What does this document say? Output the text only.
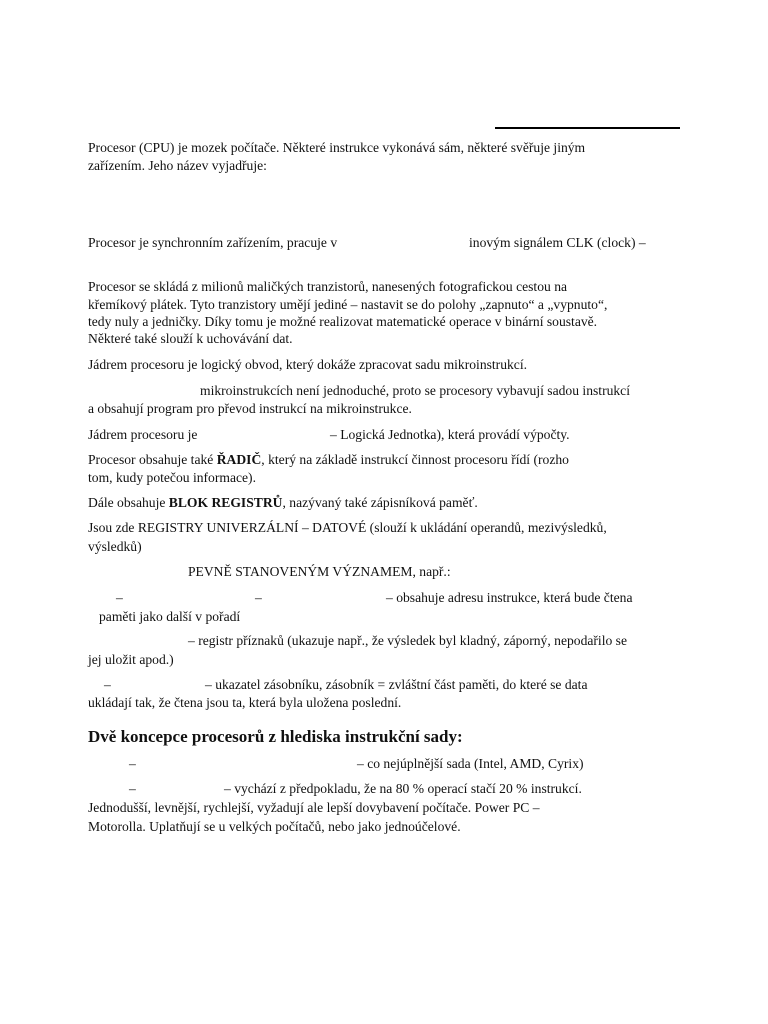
Procesor (CPU) je mozek počítače. Některé instrukce vykonává sám, některé svěřuje jiným

zařízením. Jeho název vyjadřuje:

Procesor je synchronním zařízením, pracuje v	inovým signálem CLK (clock) –

Procesor se skládá z milionů maličkých tranzistorů, nanesených fotografickou cestou na

křemíkový plátek. Tyto tranzistory umějí jediné – nastavit se do polohy „zapnuto“ a „vypnuto“,

tedy nuly a jedničky. Díky tomu je možné realizovat matematické operace v binární soustavě.

Některé také slouží k uchovávání dat.

Jádrem procesoru je logický obvod, který dokáže zpracovat sadu mikroinstrukcí.

mikroinstrukcích není jednoduché, proto se procesory vybavují sadou instrukcí

a obsahují program pro převod instrukcí na mikroinstrukce.

Jádrem procesoru je	– Logická Jednotka), která provádí výpočty.

Procesor obsahuje také ŘADIČ, který na základě instrukcí činnost procesoru řídí (rozho

tom, kudy potečou informace).

Dále obsahuje BLOK REGISTRŮ, nazývaný také zápisníková paměť.

Jsou zde REGISTRY UNIVERZÁLNÍ – DATOVÉ (slouží k ukládání operandů, mezivýsledků,

výsledků)

PEVNĚ STANOVENÝM VÝZNAMEM, např.:

–	–	– obsahuje adresu instrukce, která bude čtena

paměti jako další v pořadí

– registr příznaků (ukazuje např., že výsledek byl kladný, záporný, nepodařilo se

jej uložit apod.)

–	– ukazatel zásobníku, zásobník = zvláštní část paměti, do které se data

ukládají tak, že čtena jsou ta, která byla uložena poslední.

Dvě koncepce procesorů z hlediska instrukční sady:

–	– co nejúplnější sada (Intel, AMD, Cyrix)

–	– vychází z předpokladu, že na 80 % operací stačí 20 % instrukcí.

Jednodušší, levnější, rychlejší, vyžadují ale lepší dovybavení počítače. Power PC –

Motorolla. Uplatňují se u velkých počítačů, nebo jako jednoúčelové.
